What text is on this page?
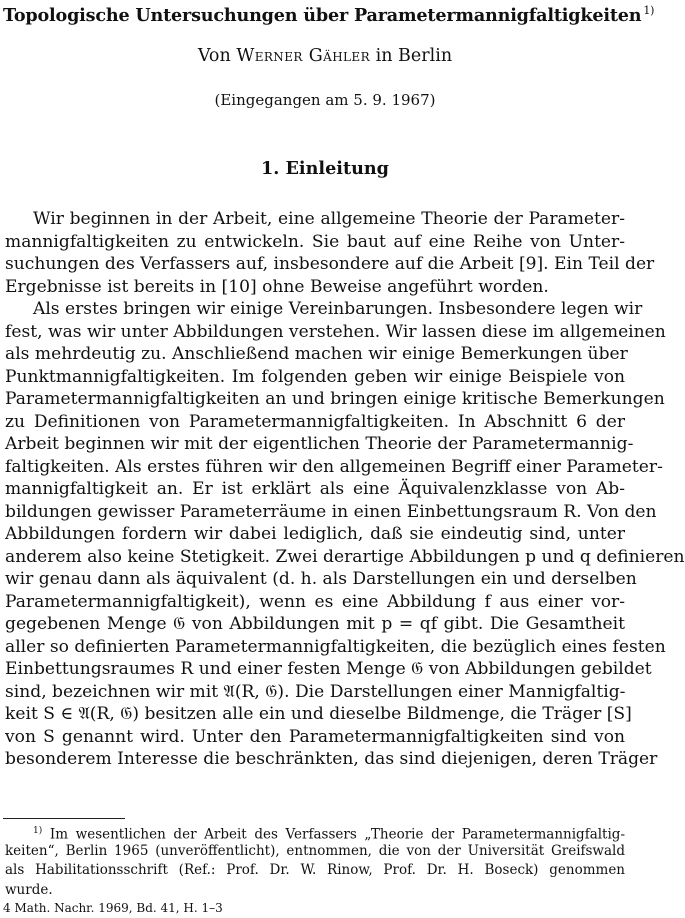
Topologische Untersuchungen über Parametermannigfaltigkeiten $^{1)}$
Von Werner Gähler in Berlin
(Eingegangen am 5. 9. 1967)
1. Einleitung
Wir beginnen in der Arbeit, eine allgemeine Theorie der Parameter-
mannigfaltigkeiten zu entwickeln. Sie baut auf eine Reihe von Unter-
suchungen des Verfassers auf, insbesondere auf die Arbeit [9]. Ein Teil der
Ergebnisse ist bereits in [10] ohne Beweise angeführt worden.
Als erstes bringen wir einige Vereinbarungen. Insbesondere legen wir
fest, was wir unter Abbildungen verstehen. Wir lassen diese im allgemeinen
als mehrdeutig zu. Anschließend machen wir einige Bemerkungen über
Punktmannigfaltigkeiten. Im folgenden geben wir einige Beispiele von
Parametermannigfaltigkeiten an und bringen einige kritische Bemerkungen
zu Definitionen von Parametermannigfaltigkeiten. In Abschnitt 6 der
Arbeit beginnen wir mit der eigentlichen Theorie der Parametermannig-
faltigkeiten. Als erstes führen wir den allgemeinen Begriff einer Parameter-
mannigfaltigkeit an. Er ist erklärt als eine Äquivalenzklasse von Ab-
bildungen gewisser Parameterräume in einen Einbettungsraum R. Von den
Abbildungen fordern wir dabei lediglich, daß sie eindeutig sind, unter
anderem also keine Stetigkeit. Zwei derartige Abbildungen p und q definieren
wir genau dann als äquivalent (d. h. als Darstellungen ein und derselben
Parametermannigfaltigkeit), wenn es eine Abbildung f aus einer vor-
gegebenen Menge 𝔊 von Abbildungen mit p = qf gibt. Die Gesamtheit
aller so definierten Parametermannigfaltigkeiten, die bezüglich eines festen
Einbettungsraumes R und einer festen Menge 𝔊 von Abbildungen gebildet
sind, bezeichnen wir mit 𝔄(R, 𝔊). Die Darstellungen einer Mannigfaltig-
keit S ∈ 𝔄(R, 𝔊) besitzen alle ein und dieselbe Bildmenge, die Träger [S]
von S genannt wird. Unter den Parametermannigfaltigkeiten sind von
besonderem Interesse die beschränkten, das sind diejenigen, deren Träger
$^{1)}$ Im wesentlichen der Arbeit des Verfassers „Theorie der Parametermannigfaltig-
keiten“, Berlin 1965 (unveröffentlicht), entnommen, die von der Universität Greifswald
als Habilitationsschrift (Ref.: Prof. Dr. W. Rinow, Prof. Dr. H. Boseck) genommen
wurde.
4 Math. Nachr. 1969, Bd. 41, H. 1–3
